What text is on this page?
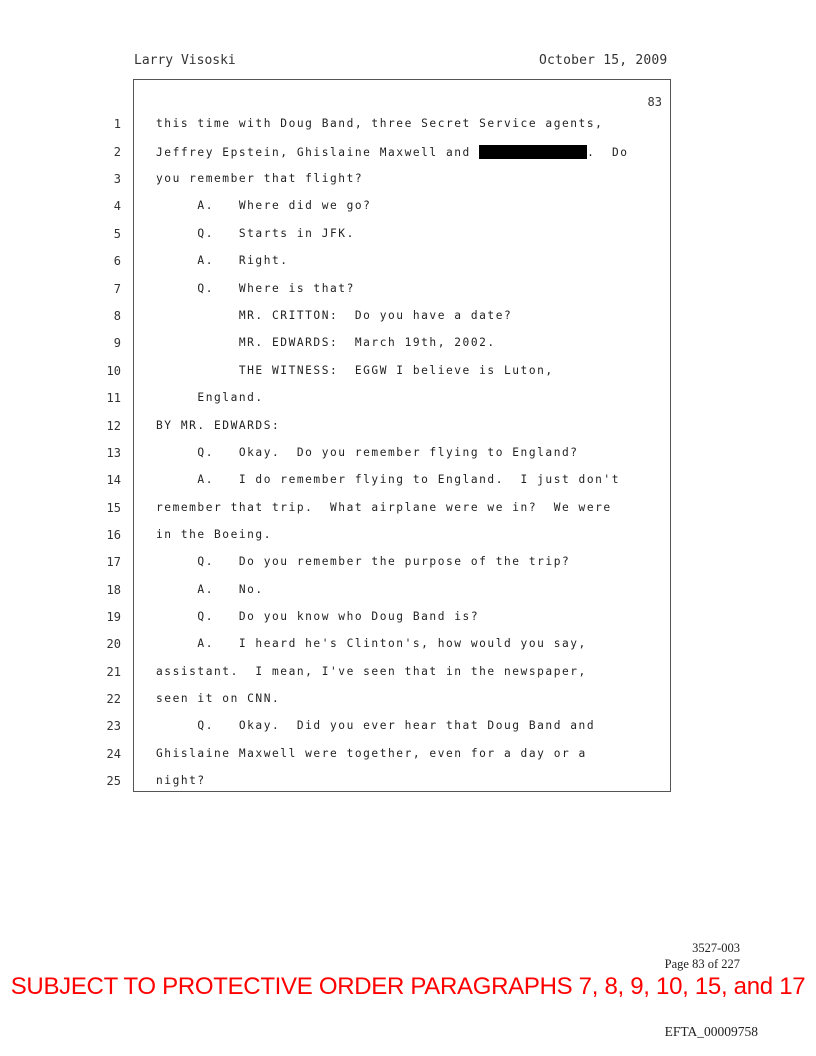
Larry Visoski	October 15, 2009
83
1	this time with Doug Band, three Secret Service agents,
2	Jeffrey Epstein, Ghislaine Maxwell and	.  Do
3	you remember that flight?
4	A.   Where did we go?
5	Q.   Starts in JFK.
6	A.   Right.
7	Q.   Where is that?
8	MR. CRITTON:  Do you have a date?
9	MR. EDWARDS:  March 19th, 2002.
10	THE WITNESS:  EGGW I believe is Luton,
11	England.
12	BY MR. EDWARDS:
13	Q.   Okay.  Do you remember flying to England?
14	A.   I do remember flying to England.  I just don't
15	remember that trip.  What airplane were we in?  We were
16	in the Boeing.
17	Q.   Do you remember the purpose of the trip?
18	A.   No.
19	Q.   Do you know who Doug Band is?
20	A.   I heard he's Clinton's, how would you say,
21	assistant.  I mean, I've seen that in the newspaper,
22	seen it on CNN.
23	Q.   Okay.  Did you ever hear that Doug Band and
24	Ghislaine Maxwell were together, even for a day or a
25	night?
3527-003
Page 83 of 227
SUBJECT TO PROTECTIVE ORDER PARAGRAPHS 7, 8, 9, 10, 15, and 17
EFTA_00009758
